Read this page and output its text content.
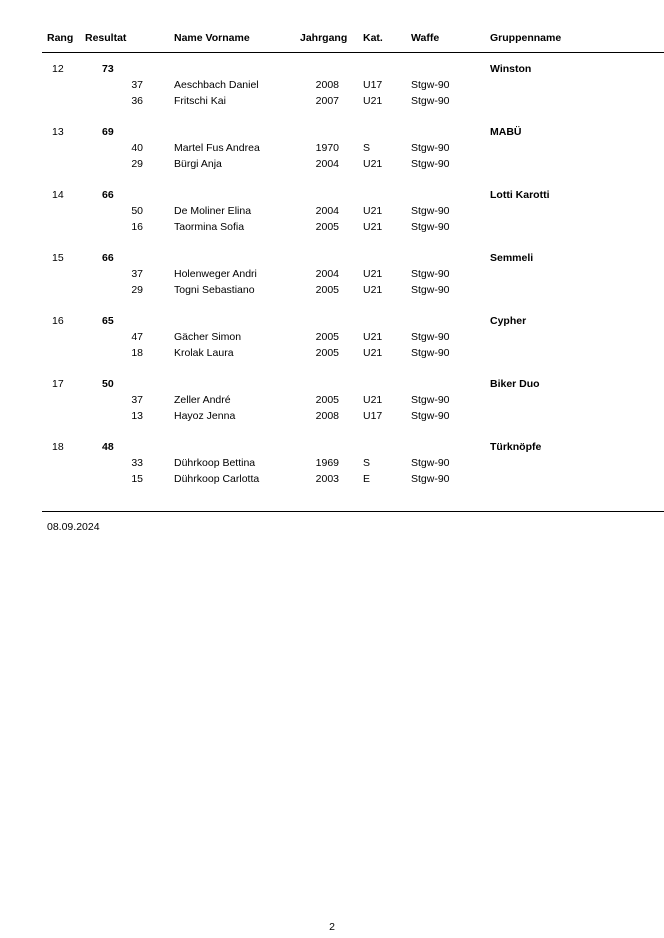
Rang Resultat	Name Vorname	Jahrgang Kat.	Waffe	Gruppenname
12	73	Winston
37	Aeschbach Daniel	2008 U17	Stgw-90
36	Fritschi Kai	2007 U21	Stgw-90
13	69	MABÜ
40	Martel Fus Andrea	1970 S	Stgw-90
29	Bürgi Anja	2004 U21	Stgw-90
14	66	Lotti Karotti
50	De Moliner Elina	2004 U21	Stgw-90
16	Taormina Sofia	2005 U21	Stgw-90
15	66	Semmeli
37	Holenweger Andri	2004 U21	Stgw-90
29	Togni Sebastiano	2005 U21	Stgw-90
16	65	Cypher
47	Gächer Simon	2005 U21	Stgw-90
18	Krolak Laura	2005 U21	Stgw-90
17	50	Biker Duo
37	Zeller André	2005 U21	Stgw-90
13	Hayoz Jenna	2008 U17	Stgw-90
18	48	Türknöpfe
33	Dührkoop Bettina	1969 S	Stgw-90
15	Dührkoop Carlotta	2003 E	Stgw-90
08.09.2024
2
